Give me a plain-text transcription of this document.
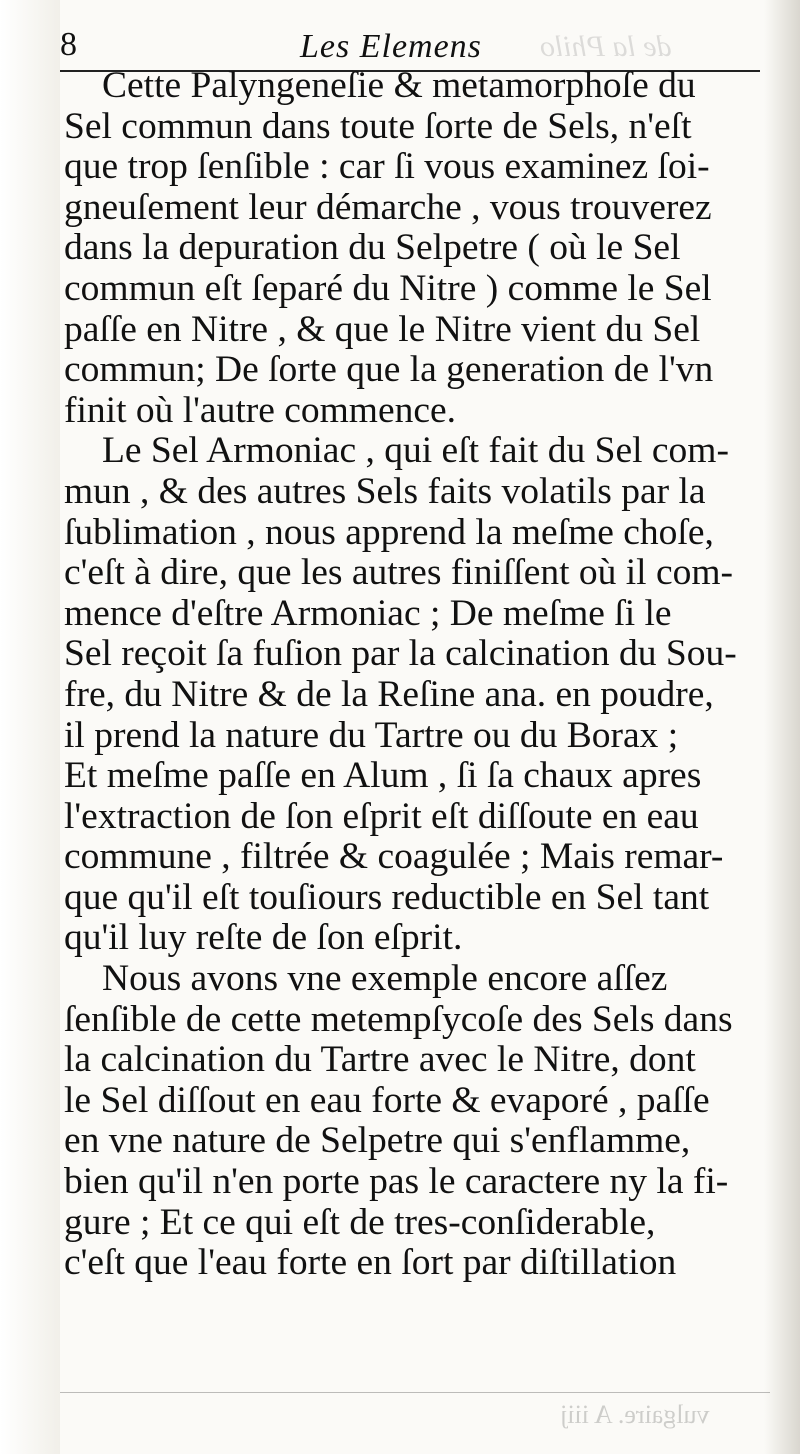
8	Les Elemens de la Philo
Cette Palyngeneſie & metamorphoſe du
Sel commun dans toute ſorte de Sels, n'eſt
que trop ſenſible : car ſi vous examinez ſoi-
gneuſement leur démarche , vous trouverez
dans la depuration du Selpetre ( où le Sel
commun eſt ſeparé du Nitre ) comme le Sel
paſſe en Nitre , & que le Nitre vient du Sel
commun; De ſorte que la generation de l'vn
finit où l'autre commence.
Le Sel Armoniac , qui eſt fait du Sel com-
mun , & des autres Sels faits volatils par la
ſublimation , nous apprend la meſme choſe,
c'eſt à dire, que les autres finiſſent où il com-
mence d'eſtre Armoniac ; De meſme ſi le
Sel reçoit ſa fuſion par la calcination du Sou-
fre, du Nitre & de la Reſine ana. en poudre,
il prend la nature du Tartre ou du Borax ;
Et meſme paſſe en Alum , ſi ſa chaux apres
l'extraction de ſon eſprit eſt diſſoute en eau
commune , filtrée & coagulée ; Mais remar-
que qu'il eſt touſiours reductible en Sel tant
qu'il luy reſte de ſon eſprit.
Nous avons vne exemple encore aſſez
ſenſible de cette metempſycoſe des Sels dans
la calcination du Tartre avec le Nitre, dont
le Sel diſſout en eau forte & evaporé , paſſe
en vne nature de Selpetre qui s'enflamme,
bien qu'il n'en porte pas le caractere ny la fi-
gure ; Et ce qui eſt de tres-conſiderable,
c'eſt que l'eau forte en ſort par diſtillation
vulgaire. A iiij
